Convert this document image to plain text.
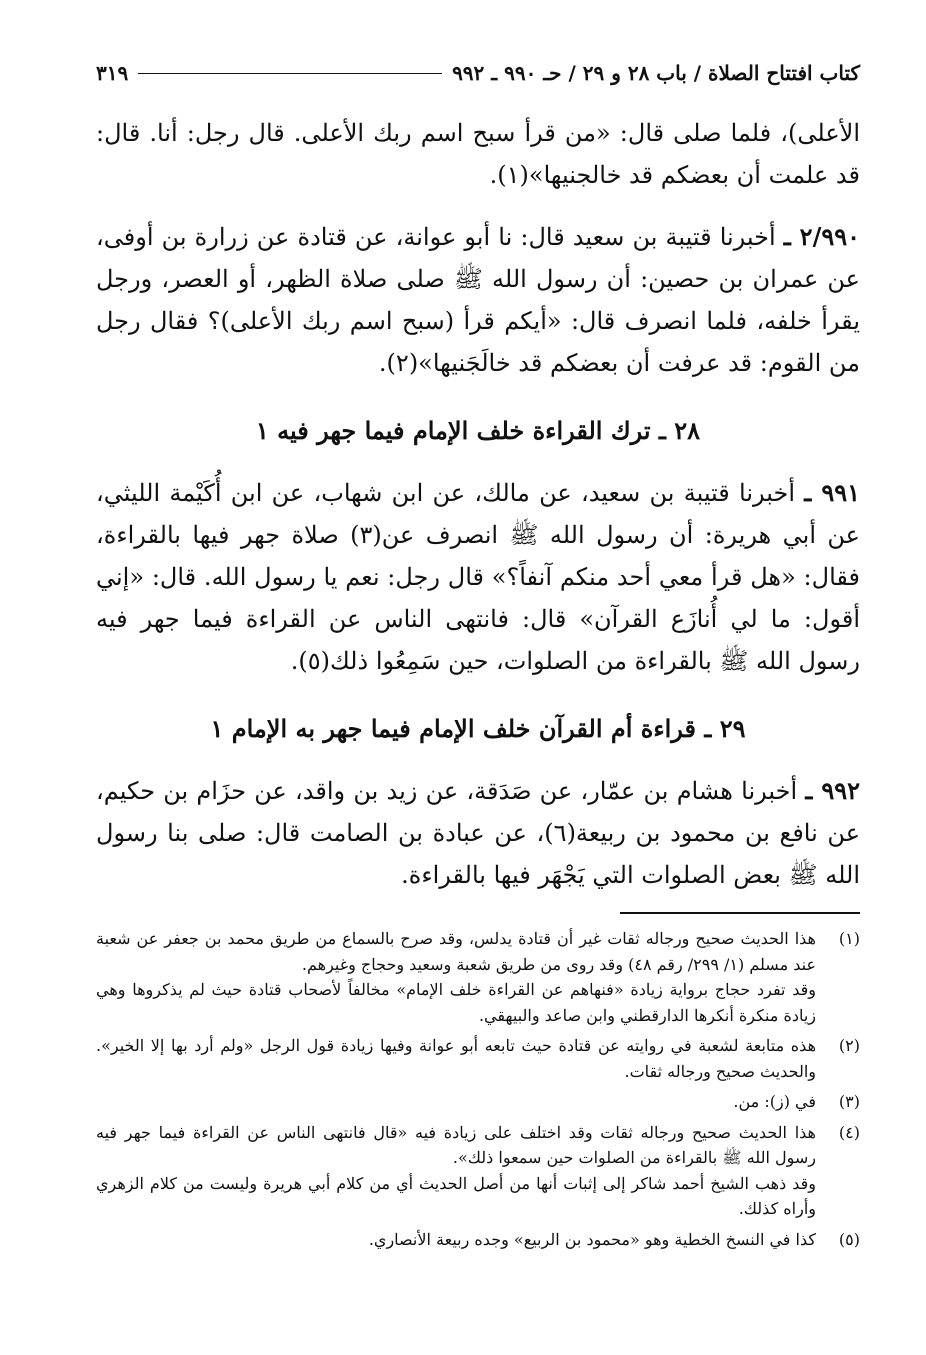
كتاب افتتاح الصلاة / باب ٢٨ و ٢٩ / حـ ٩٩٠ ـ ٩٩٢
٣١٩

الأعلى)، فلما صلى قال: «من قرأ سبح اسم ربك الأعلى. قال رجل: أنا. قال: قد علمت أن بعضكم قد خالجنيها»(١).

٢/٩٩٠ ـ أخبرنا قتيبة بن سعيد قال: نا أبو عوانة، عن قتادة عن زرارة بن أوفى، عن عمران بن حصين: أن رسول الله ﷺ صلى صلاة الظهر، أو العصر، ورجل يقرأ خلفه، فلما انصرف قال: «أيكم قرأ (سبح اسم ربك الأعلى)؟ فقال رجل من القوم: قد عرفت أن بعضكم قد خالَجَنيها»(٢).

٢٨ ـ ترك القراءة خلف الإمام فيما جهر فيه ١

٩٩١ ـ أخبرنا قتيبة بن سعيد، عن مالك، عن ابن شهاب، عن ابن أُكَيْمة الليثي، عن أبي هريرة: أن رسول الله ﷺ انصرف عن(٣) صلاة جهر فيها بالقراءة، فقال: «هل قرأ معي أحد منكم آنفاً؟» قال رجل: نعم يا رسول الله. قال: «إني أقول: ما لي أُنازَع القرآن» قال: فانتهى الناس عن القراءة فيما جهر فيه رسول الله ﷺ بالقراءة من الصلوات، حين سَمِعُوا ذلك(٥).

٢٩ ـ قراءة أم القرآن خلف الإمام فيما جهر به الإمام ١

٩٩٢ ـ أخبرنا هشام بن عمّار، عن صَدَقة، عن زيد بن واقد، عن حزَام بن حكيم، عن نافع بن محمود بن ربيعة(٦)، عن عبادة بن الصامت قال: صلى بنا رسول الله ﷺ بعض الصلوات التي يَجْهَر فيها بالقراءة.

(١)

هذا الحديث صحيح ورجاله ثقات غير أن قتادة يدلس، وقد صرح بالسماع من طريق محمد بن جعفر عن شعبة عند مسلم (١/ ٢٩٩/ رقم ٤٨) وقد روى من طريق شعبة وسعيد وحجاج وغيرهم.

وقد تفرد حجاج برواية زيادة «فنهاهم عن القراءة خلف الإمام» مخالفاً لأصحاب قتادة حيث لم يذكروها وهي زيادة منكرة أنكرها الدارقطني وابن صاعد والبيهقي.

(٢)

هذه متابعة لشعبة في روايته عن قتادة حيث تابعه أبو عوانة وفيها زيادة قول الرجل «ولم أرد بها إلا الخير». والحديث صحيح ورجاله ثقات.

(٣)

في (ز): من.

(٤)

هذا الحديث صحيح ورجاله ثقات وقد اختلف على زيادة فيه «قال فانتهى الناس عن القراءة فيما جهر فيه رسول الله ﷺ بالقراءة من الصلوات حين سمعوا ذلك».

وقد ذهب الشيخ أحمد شاكر إلى إثبات أنها من أصل الحديث أي من كلام أبي هريرة وليست من كلام الزهري وأراه كذلك.

(٥)

كذا في النسخ الخطية وهو «محمود بن الربيع» وجده ربيعة الأنصاري.
